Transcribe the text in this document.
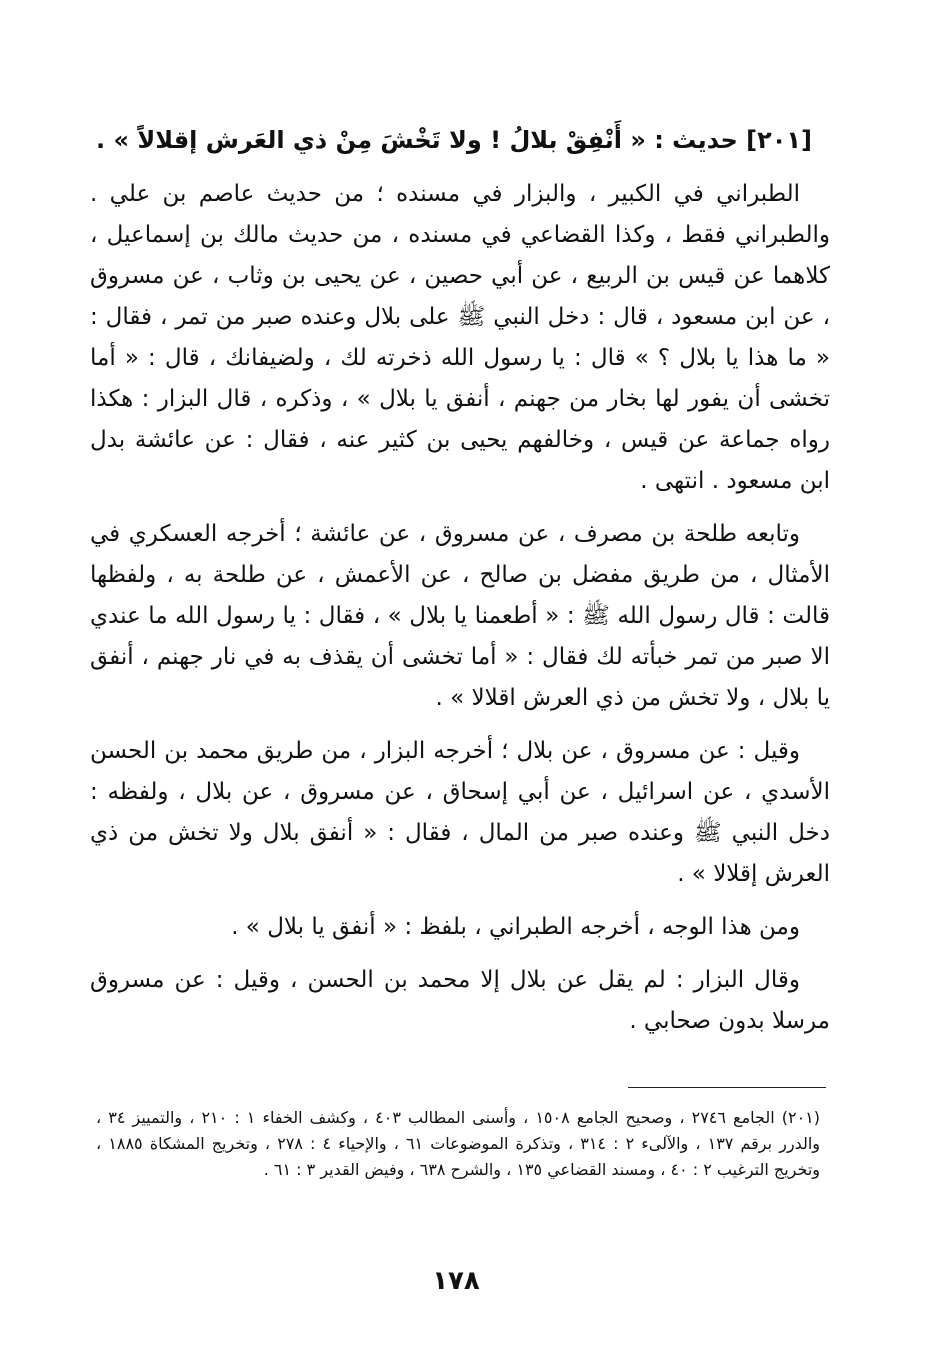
[٢٠١] حديث : « أَنْفِقْ بلالُ ! ولا تَخْشَ مِنْ ذي العَرش إقلالاً » .

الطبراني في الكبير ، والبزار في مسنده ؛ من حديث عاصم بن علي . والطبراني فقط ، وكذا القضاعي في مسنده ، من حديث مالك بن إسماعيل ، كلاهما عن قيس بن الربيع ، عن أبي حصين ، عن يحيى بن وثاب ، عن مسروق ، عن ابن مسعود ، قال : دخل النبي ﷺ على بلال وعنده صبر من تمر ، فقال : « ما هذا يا بلال ؟ » قال : يا رسول الله ذخرته لك ، ولضيفانك ، قال : « أما تخشى أن يفور لها بخار من جهنم ، أنفق يا بلال » ، وذكره ، قال البزار : هكذا رواه جماعة عن قيس ، وخالفهم يحيى بن كثير عنه ، فقال : عن عائشة بدل ابن مسعود . انتهى .

وتابعه طلحة بن مصرف ، عن مسروق ، عن عائشة ؛ أخرجه العسكري في الأمثال ، من طريق مفضل بن صالح ، عن الأعمش ، عن طلحة به ، ولفظها قالت : قال رسول الله ﷺ : « أطعمنا يا بلال » ، فقال : يا رسول الله ما عندي الا صبر من تمر خبأته لك فقال : « أما تخشى أن يقذف به في نار جهنم ، أنفق يا بلال ، ولا تخش من ذي العرش اقلالا » .

وقيل : عن مسروق ، عن بلال ؛ أخرجه البزار ، من طريق محمد بن الحسن الأسدي ، عن اسرائيل ، عن أبي إسحاق ، عن مسروق ، عن بلال ، ولفظه : دخل النبي ﷺ وعنده صبر من المال ، فقال : « أنفق بلال ولا تخش من ذي العرش إقلالا » .

ومن هذا الوجه ، أخرجه الطبراني ، بلفظ : « أنفق يا بلال » .

وقال البزار : لم يقل عن بلال إلا محمد بن الحسن ، وقيل : عن مسروق مرسلا بدون صحابي .

(٢٠١) الجامع ٢٧٤٦ ، وصحيح الجامع ١٥٠٨ ، وأسنى المطالب ٤٠٣ ، وكشف الخفاء ١ : ٢١٠ ، والتمييز ٣٤ ، والدرر برقم ١٣٧ ، والآلىء ٢ : ٣١٤ ، وتذكرة الموضوعات ٦١ ، والإحياء ٤ : ٢٧٨ ، وتخريج المشكاة ١٨٨٥ ، وتخريج الترغيب ٢ : ٤٠ ، ومسند القضاعي ١٣٥ ، والشرح ٦٣٨ ، وفيض القدير ٣ : ٦١ .
١٧٨
